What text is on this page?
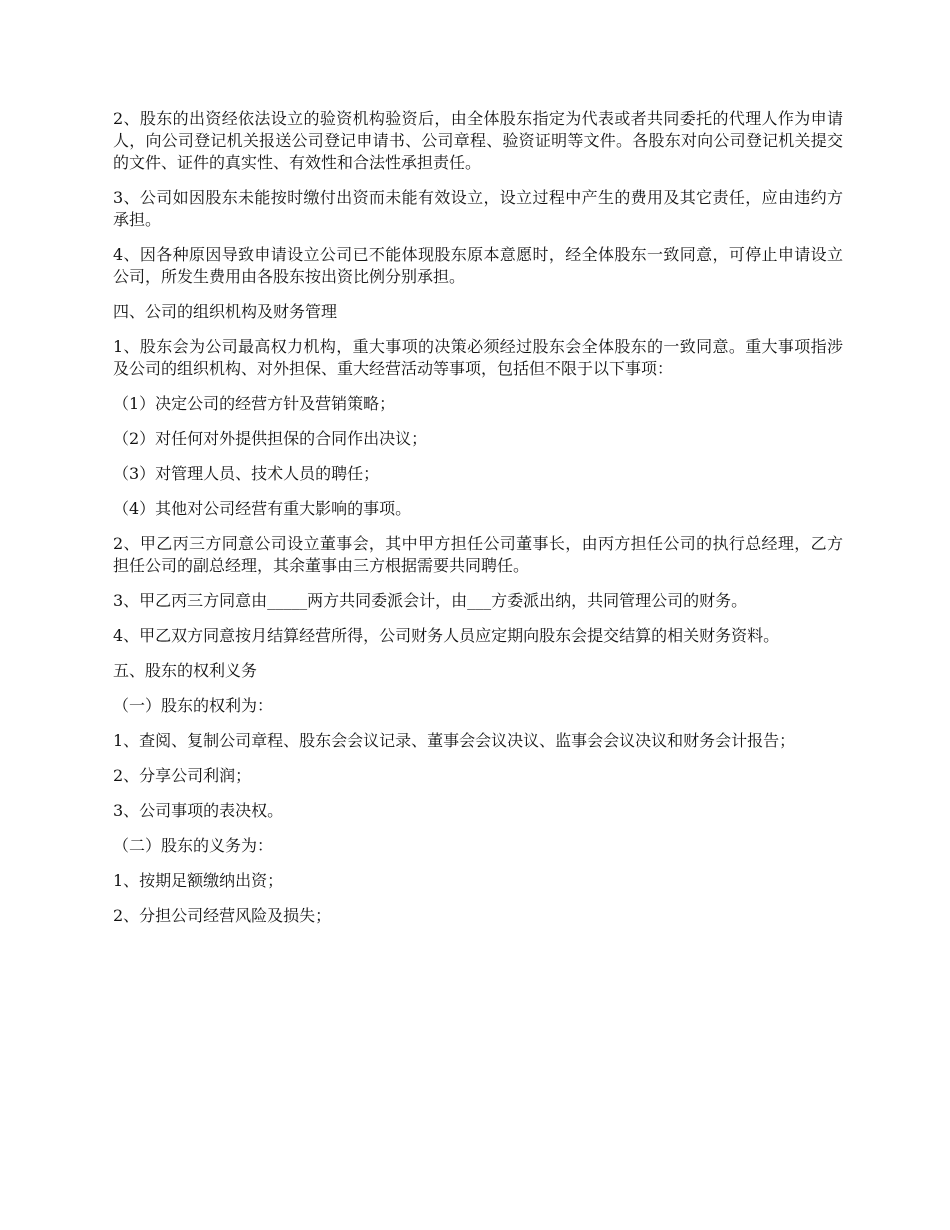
2、股东的出资经依法设立的验资机构验资后，由全体股东指定为代表或者共同委托的代理人作为申请人，向公司登记机关报送公司登记申请书、公司章程、验资证明等文件。各股东对向公司登记机关提交的文件、证件的真实性、有效性和合法性承担责任。

3、公司如因股东未能按时缴付出资而未能有效设立，设立过程中产生的费用及其它责任，应由违约方承担。

4、因各种原因导致申请设立公司已不能体现股东原本意愿时，经全体股东一致同意，可停止申请设立公司，所发生费用由各股东按出资比例分别承担。

四、公司的组织机构及财务管理

1、股东会为公司最高权力机构，重大事项的决策必须经过股东会全体股东的一致同意。重大事项指涉及公司的组织机构、对外担保、重大经营活动等事项，包括但不限于以下事项：

（1）决定公司的经营方针及营销策略；

（2）对任何对外提供担保的合同作出决议；

（3）对管理人员、技术人员的聘任；

（4）其他对公司经营有重大影响的事项。

2、甲乙丙三方同意公司设立董事会，其中甲方担任公司董事长，由丙方担任公司的执行总经理，乙方担任公司的副总经理，其余董事由三方根据需要共同聘任。

3、甲乙丙三方同意由_____两方共同委派会计，由___方委派出纳，共同管理公司的财务。

4、甲乙双方同意按月结算经营所得，公司财务人员应定期向股东会提交结算的相关财务资料。

五、股东的权利义务

（一）股东的权利为：

1、查阅、复制公司章程、股东会会议记录、董事会会议决议、监事会会议决议和财务会计报告；

2、分享公司利润；

3、公司事项的表决权。

（二）股东的义务为：

1、按期足额缴纳出资；

2、分担公司经营风险及损失；
